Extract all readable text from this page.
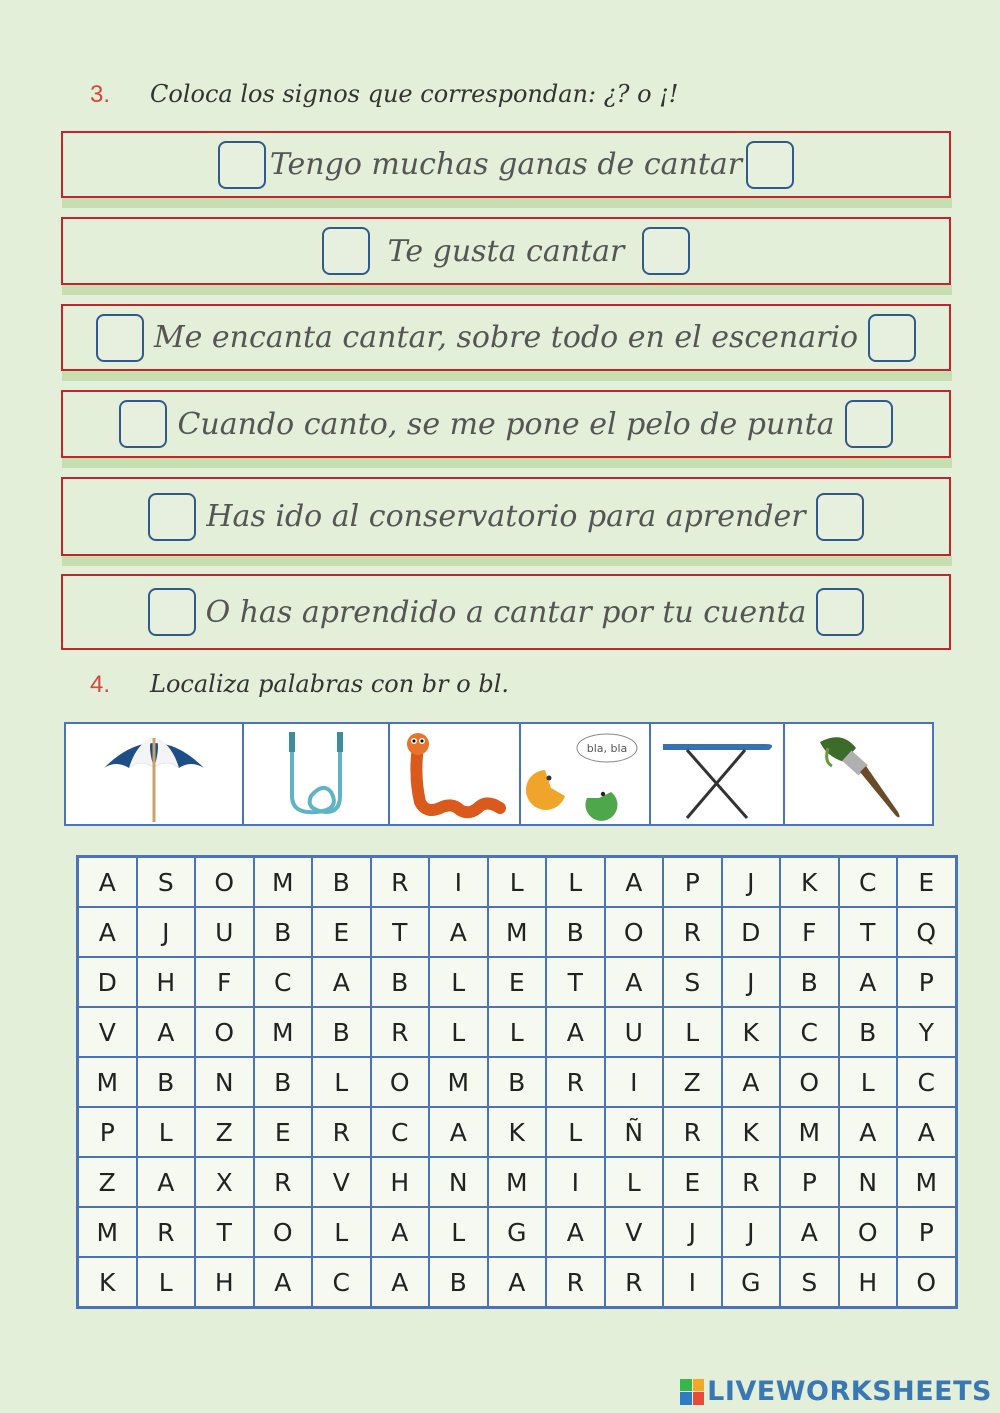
3.	Coloca los signos que correspondan: ¿? o ¡!
Tengo muchas ganas de cantar
Te gusta cantar
Me encanta cantar, sobre todo en el escenario
Cuando canto, se me pone el pelo de punta
Has ido al conservatorio para aprender
O has aprendido a cantar por tu cuenta
4.	Localiza palabras con br o bl.
bla, bla
A	S	O	M	B	R	I	L	L	A	P	J	K	C	E
A	J	U	B	E	T	A	M	B	O	R	D	F	T	Q
D	H	F	C	A	B	L	E	T	A	S	J	B	A	P
V	A	O	M	B	R	L	L	A	U	L	K	C	B	Y
M	B	N	B	L	O	M	B	R	I	Z	A	O	L	C
P	L	Z	E	R	C	A	K	L	Ñ	R	K	M	A	A
Z	A	X	R	V	H	N	M	I	L	E	R	P	N	M
M	R	T	O	L	A	L	G	A	V	J	J	A	O	P
K	L	H	A	C	A	B	A	R	R	I	G	S	H	O
LIVEWORKSHEETS
